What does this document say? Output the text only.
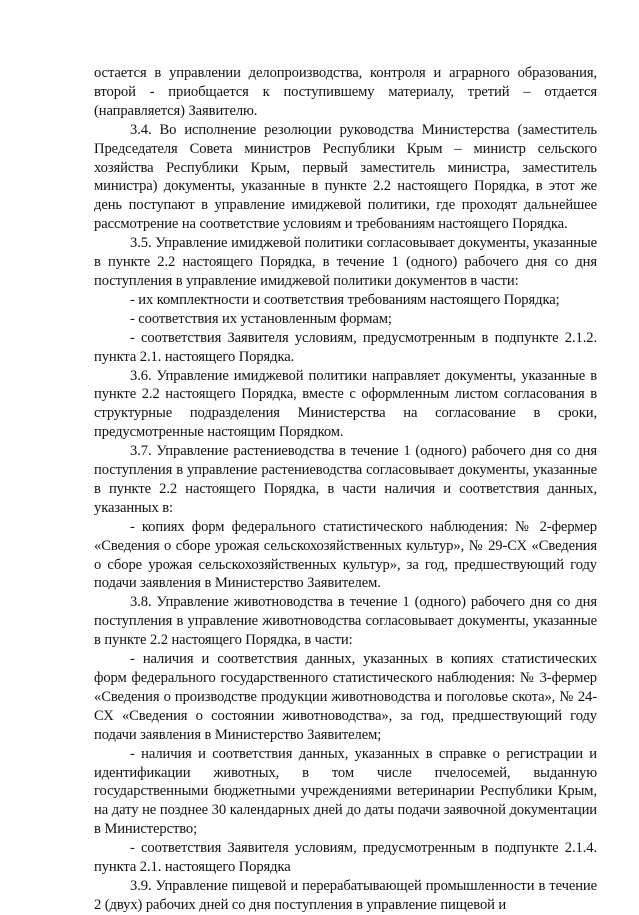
остается в управлении делопроизводства, контроля и аграрного образования, второй - приобщается к поступившему материалу, третий – отдается (направляется) Заявителю.

3.4. Во исполнение резолюции руководства Министерства (заместитель Председателя Совета министров Республики Крым – министр сельского хозяйства Республики Крым, первый заместитель министра, заместитель министра) документы, указанные в пункте 2.2 настоящего Порядка, в этот же день поступают в управление имиджевой политики, где проходят дальнейшее рассмотрение на соответствие условиям и требованиям настоящего Порядка.

3.5. Управление имиджевой политики согласовывает документы, указанные в пункте 2.2 настоящего Порядка, в течение 1 (одного) рабочего дня со дня поступления в управление имиджевой политики документов в части:

- их комплектности и соответствия требованиям настоящего Порядка;

- соответствия их установленным формам;

- соответствия Заявителя условиям, предусмотренным в подпункте 2.1.2. пункта 2.1. настоящего Порядка.

3.6. Управление имиджевой политики направляет документы, указанные в пункте 2.2 настоящего Порядка, вместе с оформленным листом согласования в структурные подразделения Министерства на согласование в сроки, предусмотренные настоящим Порядком.

3.7. Управление растениеводства в течение 1 (одного) рабочего дня со дня поступления в управление растениеводства согласовывает документы, указанные в пункте 2.2 настоящего Порядка, в части наличия и соответствия данных, указанных в:

- копиях форм федерального статистического наблюдения: № 2-фермер «Сведения о сборе урожая сельскохозяйственных культур», № 29-СХ «Сведения о сборе урожая сельскохозяйственных культур», за год, предшествующий году подачи заявления в Министерство Заявителем.

3.8. Управление животноводства в течение 1 (одного) рабочего дня со дня поступления в управление животноводства согласовывает документы, указанные в пункте 2.2 настоящего Порядка, в части:

- наличия и соответствия данных, указанных в копиях статистических форм федерального государственного статистического наблюдения: № 3-фермер «Сведения о производстве продукции животноводства и поголовье скота», № 24-СХ «Сведения о состоянии животноводства», за год, предшествующий году подачи заявления в Министерство Заявителем;

- наличия и соответствия данных, указанных в справке о регистрации и идентификации животных, в том числе пчелосемей, выданную государственными бюджетными учреждениями ветеринарии Республики Крым, на дату не позднее 30 календарных дней до даты подачи заявочной документации в Министерство;

- соответствия Заявителя условиям, предусмотренным в подпункте 2.1.4. пункта 2.1. настоящего Порядка

3.9. Управление пищевой и перерабатывающей промышленности в течение 2 (двух) рабочих дней со дня поступления в управление пищевой и
